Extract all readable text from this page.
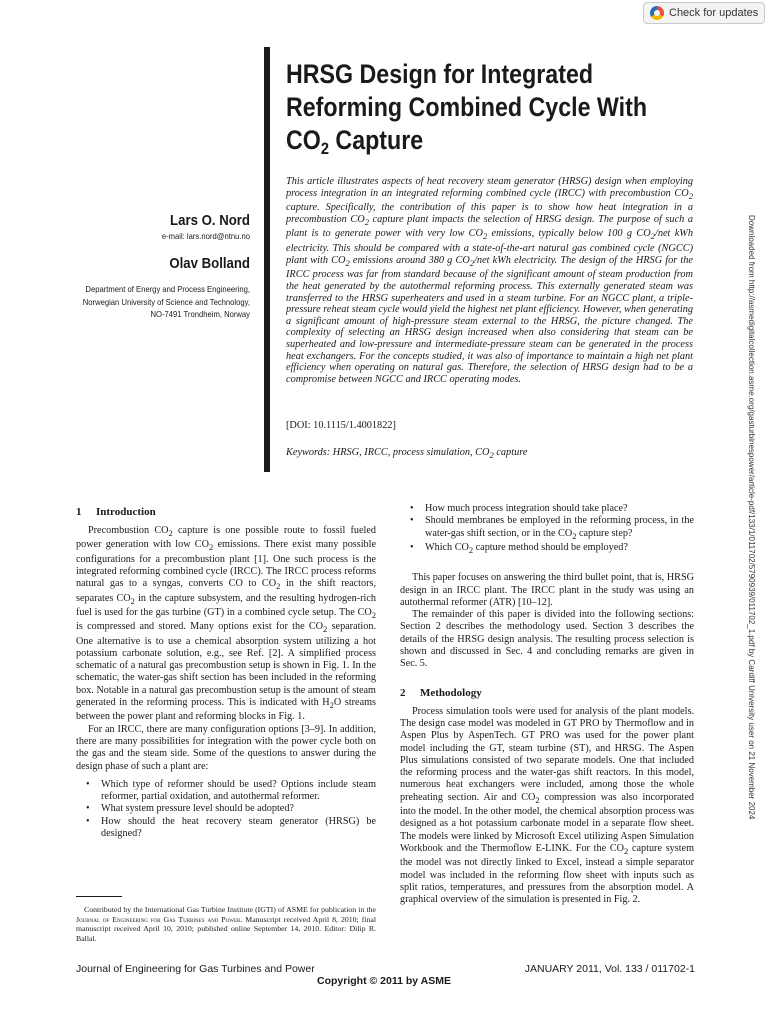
Check for updates
HRSG Design for Integrated
Reforming Combined Cycle With
$CO_2$ Capture
Lars O. Nord
e-mail: lars.nord@ntnu.no
Olav Bolland
Department of Energy and Process Engineering,
Norwegian University of Science and Technology,
NO-7491 Trondheim, Norway

This article illustrates aspects of heat recovery steam generator (HRSG) design when employing process integration in an integrated reforming combined cycle (IRCC) with precombustion $CO_2$ capture. Specifically, the contribution of this paper is to show how heat integration in a precombustion $CO_2$ capture plant impacts the selection of HRSG design. The purpose of such a plant is to generate power with very low $CO_2$ emissions, typically below 100 g $CO_2$/net kWh electricity. This should be compared with a state-of-the-art natural gas combined cycle (NGCC) plant with $CO_2$ emissions around 380 g $CO_2$/net kWh electricity. The design of the HRSG for the IRCC process was far from standard because of the significant amount of steam production from the heat generated by the autothermal reforming process. This externally generated steam was transferred to the HRSG superheaters and used in a steam turbine. For an NGCC plant, a triple-pressure reheat steam cycle would yield the highest net plant efficiency. However, when generating a significant amount of high-pressure steam external to the HRSG, the picture changed. The complexity of selecting an HRSG design increased when also considering that steam can be superheated and low-pressure and intermediate-pressure steam can be generated in the process heat exchangers. For the concepts studied, it was also of importance to maintain a high net plant efficiency when operating on natural gas. Therefore, the selection of HRSG design had to be a compromise between NGCC and IRCC operating modes.

[DOI: 10.1115/1.4001822]
Keywords: HRSG, IRCC, process simulation, $CO_2$ capture	Downloaded from http://asmedigitalcollection.asme.org/gasturbinespower/article-pdf/133/1/011702/5790939/011702_1.pdf by Cardiff University user on 21 November 2024
1 Introduction

Precombustion $CO_2$ capture is one possible route to fossil fueled power generation with low $CO_2$ emissions. There exist many possible configurations for a precombustion plant [1]. One such process is the integrated reforming combined cycle (IRCC). The IRCC process reforms natural gas to a syngas, converts CO to $CO_2$ in the shift reactors, separates $CO_2$ in the capture subsystem, and the resulting hydrogen-rich fuel is used for the gas turbine (GT) in a combined cycle setup. The $CO_2$ is compressed and stored. Many options exist for the $CO_2$ separation. One alternative is to use a chemical absorption system utilizing a hot potassium carbonate solution, e.g., see Ref. [2]. A simplified process schematic of a natural gas precombustion setup is shown in Fig. 1. In the schematic, the water-gas shift section has been included in the reforming box. Notable in a natural gas precombustion setup is the amount of steam generated in the reforming process. This is indicated with $H_2O$ streams between the power plant and reforming blocks in Fig. 1.

For an IRCC, there are many configuration options [3–9]. In addition, there are many possibilities for integration with the power cycle both on the gas and the steam side. Some of the questions to answer during the design phase of such a plant are:

• Which type of reformer should be used? Options include steam reformer, partial oxidation, and autothermal reformer.
• What system pressure level should be adopted?
• How should the heat recovery steam generator (HRSG) be designed?
• How much process integration should take place?
• Should membranes be employed in the reforming process, in the water-gas shift section, or in the $CO_2$ capture step?
• Which $CO_2$ capture method should be employed?

This paper focuses on answering the third bullet point, that is, HRSG design in an IRCC plant. The IRCC plant in the study was using an autothermal reformer (ATR) [10–12].

The remainder of this paper is divided into the following sections: Section 2 describes the methodology used. Section 3 describes the details of the HRSG design analysis. The resulting process selection is shown and discussed in Sec. 4 and concluding remarks are given in Sec. 5.

2 Methodology

Process simulation tools were used for analysis of the plant models. The design case model was modeled in GT PRO by Thermoflow and in Aspen Plus by AspenTech. GT PRO was used for the power plant model including the GT, steam turbine (ST), and HRSG. The Aspen Plus simulations consisted of two separate models. One that included the reforming process and the water-gas shift reactors. In this model, numerous heat exchangers were included, among those the whole preheating section. Air and $CO_2$ compression was also incorporated into the model. In the other model, the chemical absorption process was designed as a hot potassium carbonate model in a separate flow sheet. The models were linked by Microsoft Excel utilizing Aspen Simulation Workbook and the Thermoflow E-LINK. For the $CO_2$ capture system the model was not directly linked to Excel, instead a simple separator model was included in the reforming flow sheet with inputs such as split ratios, temperatures, and pressures from the absorption model. A graphical overview of the simulation is presented in Fig. 2.

Contributed by the International Gas Turbine Institute (IGTI) of ASME for publication in the Journal of Engineering for Gas Turbines and Power. Manuscript received April 8, 2010; final manuscript received April 10, 2010; published online September 14, 2010. Editor: Dilip R. Ballal.

Journal of Engineering for Gas Turbines and Power	JANUARY 2011, Vol. 133 / 011702-1
Copyright © 2011 by ASME
